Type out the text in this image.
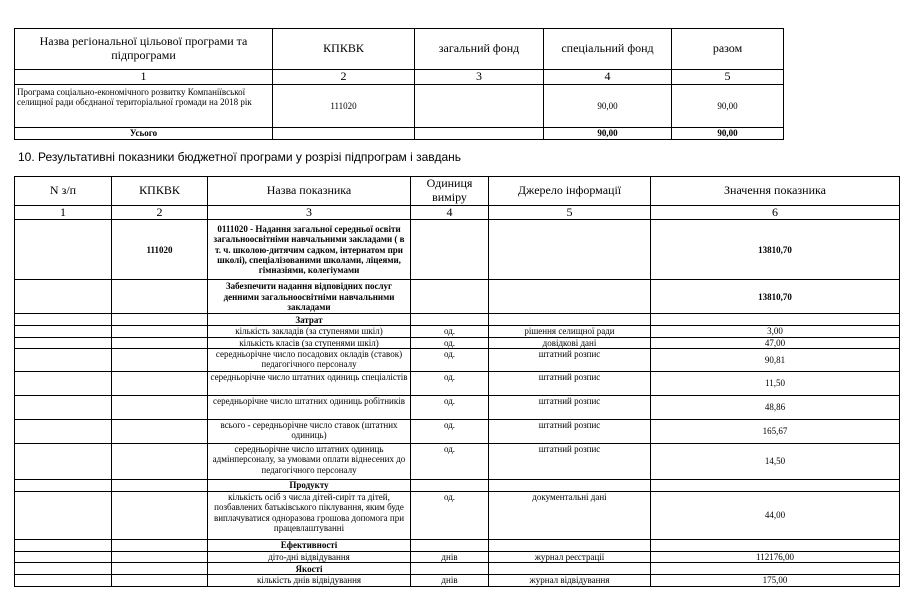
Назва регіональної цільової програми та підпрограми	КПКВК	загальний фонд	спеціальний фонд	разом
1	2	3	4	5
Програма соціально-економічного розвитку Компаніївської селищної ради обєднаної територіальної громади на 2018 рік	111020		90,00	90,00
Усього			90,00	90,00
10. Результативні показники бюджетної програми у розрізі підпрограм і завдань
N з/п	КПКВК	Назва показника	Одиниця виміру	Джерело інформації	Значення показника
1	2	3	4	5	6
	111020	0111020 - Надання загальної середньої освіти загальноосвітніми навчальними закладами ( в т. ч. школою-дитячим садком, інтернатом при школі), спеціалізованими школами, ліцеями, гімназіями, колегіумами			13810,70
		Забезпечити надання відповідних послуг денними загальноосвітніми навчальними закладами			13810,70
		Затрат			
		кількість закладів (за ступенями шкіл)	од.	рішення селищної ради	3,00
		кількість класів (за ступенями шкіл)	од.	довідкові дані	47,00
		середньорічне число посадових окладів (ставок) педагогічного персоналу	од.	штатний розпис	90,81
		середньорічне число штатних одиниць спеціалістів	од.	штатний розпис	11,50
		середньорічне число штатних одиниць робітників	од.	штатний розпис	48,86
		всього - середньорічне число ставок (штатних одиниць)	од.	штатний розпис	165,67
		середньорічне число штатних одиниць адмінперсоналу, за умовами оплати віднесених до педагогічного персоналу	од.	штатний розпис	14,50
		Продукту			
		кількість осіб з числа дітей-сиріт та дітей, позбавлених батьківського піклування, яким буде виплачуватися одноразова грошова допомога при працевлаштуванні	од.	документальні дані	44,00
		Ефективності			
		діто-дні відвідування	днів	журнал реєстрації	112176,00
		Якості			
		кількість днів відвідування	днів	журнал відвідування	175,00
